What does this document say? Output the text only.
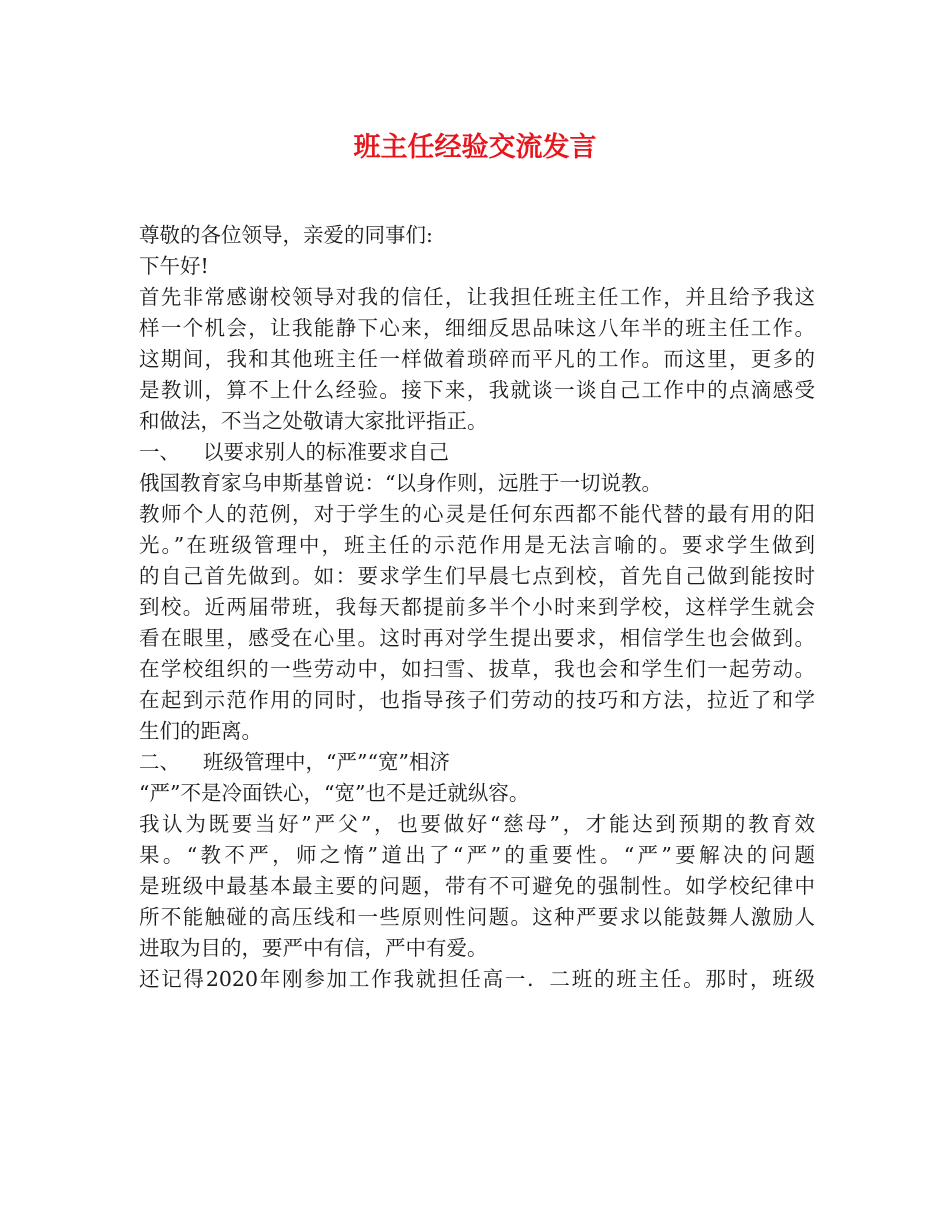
班主任经验交流发言
尊敬的各位领导，亲爱的同事们:
下午好!
首先非常感谢校领导对我的信任，让我担任班主任工作，并且给予我这
样一个机会，让我能静下心来，细细反思品味这八年半的班主任工作。
这期间，我和其他班主任一样做着琐碎而平凡的工作。而这里，更多的
是教训，算不上什么经验。接下来，我就谈一谈自己工作中的点滴感受
和做法，不当之处敬请大家批评指正。
一、 以要求别人的标准要求自己
俄国教育家乌申斯基曾说：“以身作则，远胜于一切说教。
教师个人的范例，对于学生的心灵是任何东西都不能代替的最有用的阳
光。”在班级管理中，班主任的示范作用是无法言喻的。要求学生做到
的自己首先做到。如：要求学生们早晨七点到校，首先自己做到能按时
到校。近两届带班，我每天都提前多半个小时来到学校，这样学生就会
看在眼里，感受在心里。这时再对学生提出要求，相信学生也会做到。
在学校组织的一些劳动中，如扫雪、拔草，我也会和学生们一起劳动。
在起到示范作用的同时，也指导孩子们劳动的技巧和方法，拉近了和学
生们的距离。
二、 班级管理中，“严”“宽”相济
“严”不是冷面铁心，“宽”也不是迁就纵容。
我认为既要当好”严父”，也要做好“慈母”，才能达到预期的教育效
果。“教不严，师之惰”道出了“严”的重要性。“严”要解决的问题
是班级中最基本最主要的问题，带有不可避免的强制性。如学校纪律中
所不能触碰的高压线和一些原则性问题。这种严要求以能鼓舞人激励人
进取为目的，要严中有信，严中有爱。
还记得2020年刚参加工作我就担任高一．二班的班主任。那时，班级
